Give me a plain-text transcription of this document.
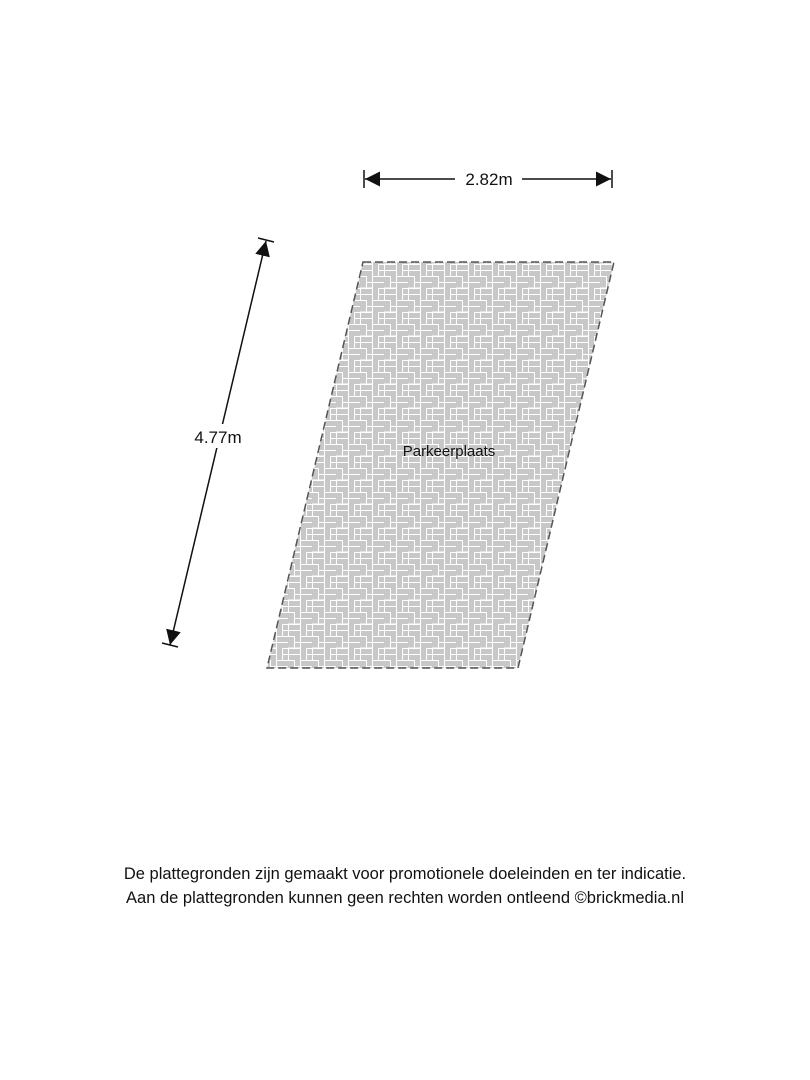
Parkeerplaats
2.82m
4.77m
De plattegronden zijn gemaakt voor promotionele doeleinden en ter indicatie.
Aan de plattegronden kunnen geen rechten worden ontleend ©brickmedia.nl
